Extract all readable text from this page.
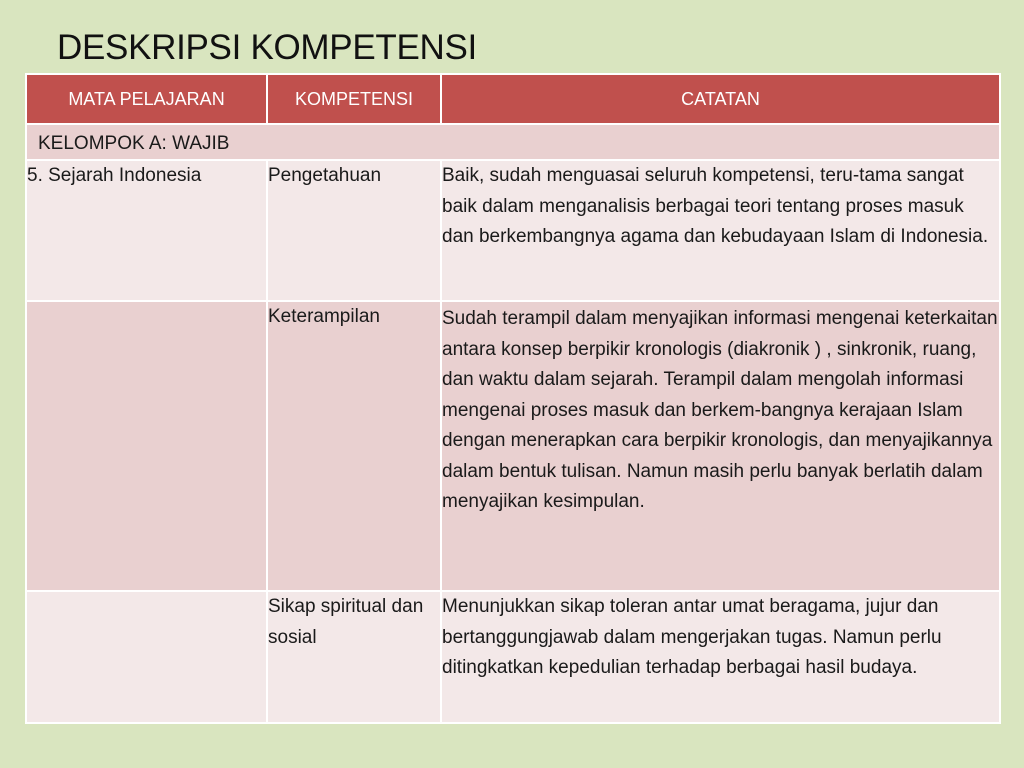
DESKRIPSI KOMPETENSI
MATA PELAJARAN	KOMPETENSI	CATATAN
KELOMPOK A: WAJIB		
5. Sejarah Indonesia	Pengetahuan	Baik, sudah menguasai seluruh kompetensi, teru-tama sangat baik dalam menganalisis berbagai teori tentang proses masuk dan berkembangnya agama dan kebudayaan Islam di Indonesia.
	Keterampilan	Sudah terampil dalam menyajikan informasi mengenai keterkaitan antara konsep berpikir kronologis (diakronik ) , sinkronik, ruang, dan waktu dalam sejarah. Terampil dalam mengolah informasi mengenai proses masuk dan berkem-bangnya kerajaan Islam dengan menerapkan cara berpikir kronologis, dan menyajikannya dalam bentuk tulisan. Namun masih perlu banyak berlatih dalam menyajikan kesimpulan.
	Sikap spiritual dan sosial	Menunjukkan sikap toleran antar umat beragama, jujur dan bertanggungjawab dalam mengerjakan tugas. Namun perlu ditingkatkan kepedulian terhadap berbagai hasil budaya.
